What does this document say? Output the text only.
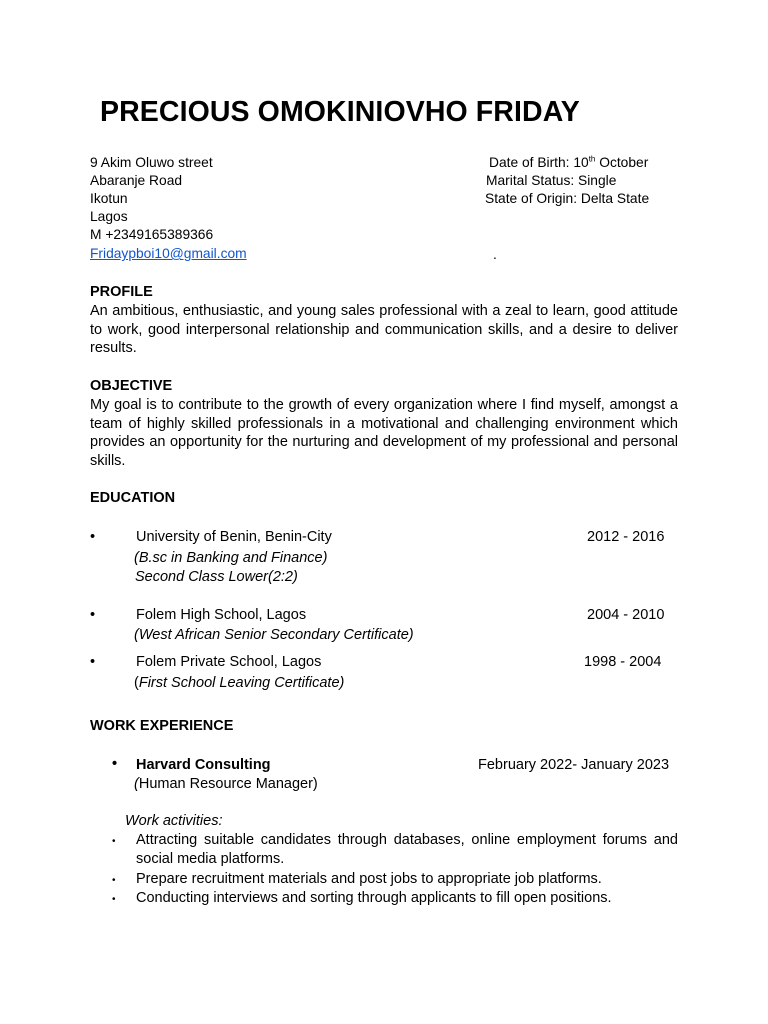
PRECIOUS OMOKINIOVHO FRIDAY
9 Akim Oluwo street
Abaranje Road
Ikotun
Lagos
M +2349165389366
Fridaypboi10@gmail.com
Date of Birth: 10th October
Marital Status: Single
State of Origin: Delta State
.
PROFILE
An ambitious, enthusiastic, and young sales professional with a zeal to learn, good attitude to work, good interpersonal relationship and communication skills, and a desire to deliver results.
OBJECTIVE
My goal is to contribute to the growth of every organization where I find myself, amongst a team of highly skilled professionals in a motivational and challenging environment which provides an opportunity for the nurturing and development of my professional and personal skills.
EDUCATION
•	University of Benin, Benin-City	2012 - 2016
(B.sc in Banking and Finance)
Second Class Lower(2:2)
•	Folem High School, Lagos	2004 - 2010
(West African Senior Secondary Certificate)
•	Folem Private School, Lagos	1998 - 2004
(First School Leaving Certificate)
WORK EXPERIENCE
• Harvard Consulting	February 2022- January 2023
(Human Resource Manager)
Work activities:
• Attracting suitable candidates through databases, online employment forums and social media platforms.
• Prepare recruitment materials and post jobs to appropriate job platforms.
• Conducting interviews and sorting through applicants to fill open positions.
